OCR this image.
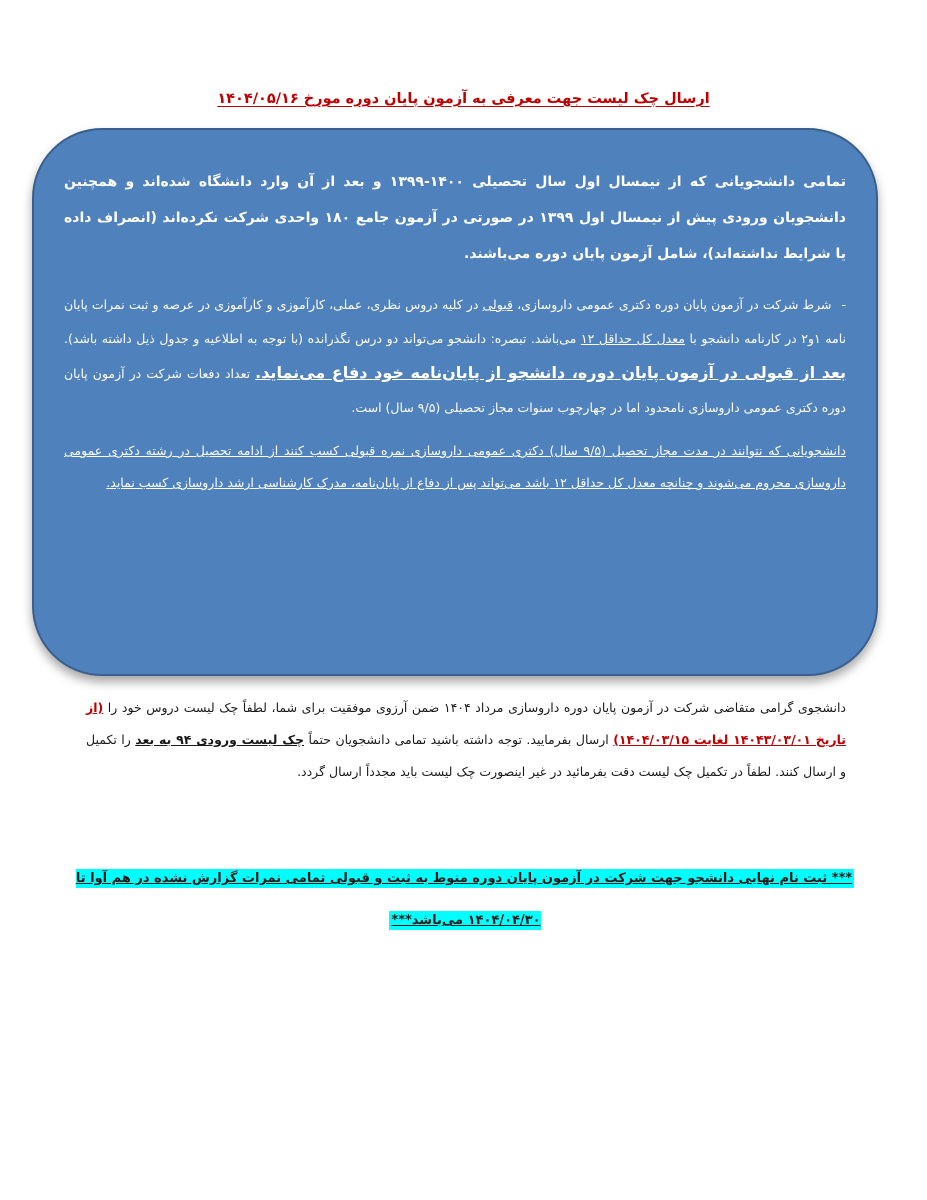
ارسال چک لیست جهت معرفی به آزمون پایان دوره مورخ ۱۴۰۴/۰۵/۱۶

تمامی دانشجویانی که از نیمسال اول سال تحصیلی ۱۴۰۰-۱۳۹۹ و بعد از آن وارد دانشگاه شده‌اند و همچنین دانشجویان ورودی پیش از نیمسال اول ۱۳۹۹ در صورتی در آزمون جامع ۱۸۰ واحدی شرکت نکرده‌اند (انصراف داده یا شرایط نداشته‌اند)، شامل آزمون پایان دوره می‌باشند.

-شرط شرکت در آزمون پایان دوره دکتری عمومی داروسازی، قبولی در کلیه دروس نظری، عملی، کارآموزی و کارآموزی در عرصه و ثبت نمرات پایان نامه ۱و۲ در کارنامه دانشجو با معدل کل حداقل ۱۲ می‌باشد. تبصره: دانشجو می‌تواند دو درس نگذرانده (با توجه به اطلاعیه و جدول ذیل داشته باشد). بعد از قبولی در آزمون پایان دوره، دانشجو از پایان‌نامه خود دفاع می‌نماید. تعداد دفعات شرکت در آزمون پایان دوره دکتری عمومی داروسازی نامحدود اما در چهارچوب سنوات مجاز تحصیلی (۹/۵ سال) است.

دانشجویانی که نتوانند در مدت مجاز تحصیل (۹/۵ سال) دکتری عمومی داروسازی نمره قبولی کسب کنند از ادامه تحصیل در رشته دکتری عمومی داروسازی محروم می‌شوند و چنانچه معدل کل حداقل ۱۲ باشد می‌تواند پس از دفاع از پایان‌نامه، مدرک کارشناسی ارشد داروسازی کسب نماید.

دانشجوی گرامی متقاضی شرکت در آزمون پایان دوره داروسازی مرداد ۱۴۰۴ ضمن آرزوی موفقیت برای شما، لطفاً چک لیست دروس خود را (از تاریخ ۱۴۰۴۳/۰۳/۰۱ لغایت ۱۴۰۴/۰۳/۱۵) ارسال بفرمایید. توجه داشته باشید تمامی دانشجویان حتماً چک لیست ورودی ۹۴ به بعد را تکمیل و ارسال کنند. لطفاً در تکمیل چک لیست دقت بفرمائید در غیر اینصورت چک لیست باید مجدداً ارسال گردد.
*** ثبت نام نهایی دانشجو جهت شرکت در آزمون پایان دوره منوط به ثبت و قبولی تمامی نمرات گزارش نشده در هم آوا تا ۱۴۰۴/۰۴/۳۰ می‌باشد***
